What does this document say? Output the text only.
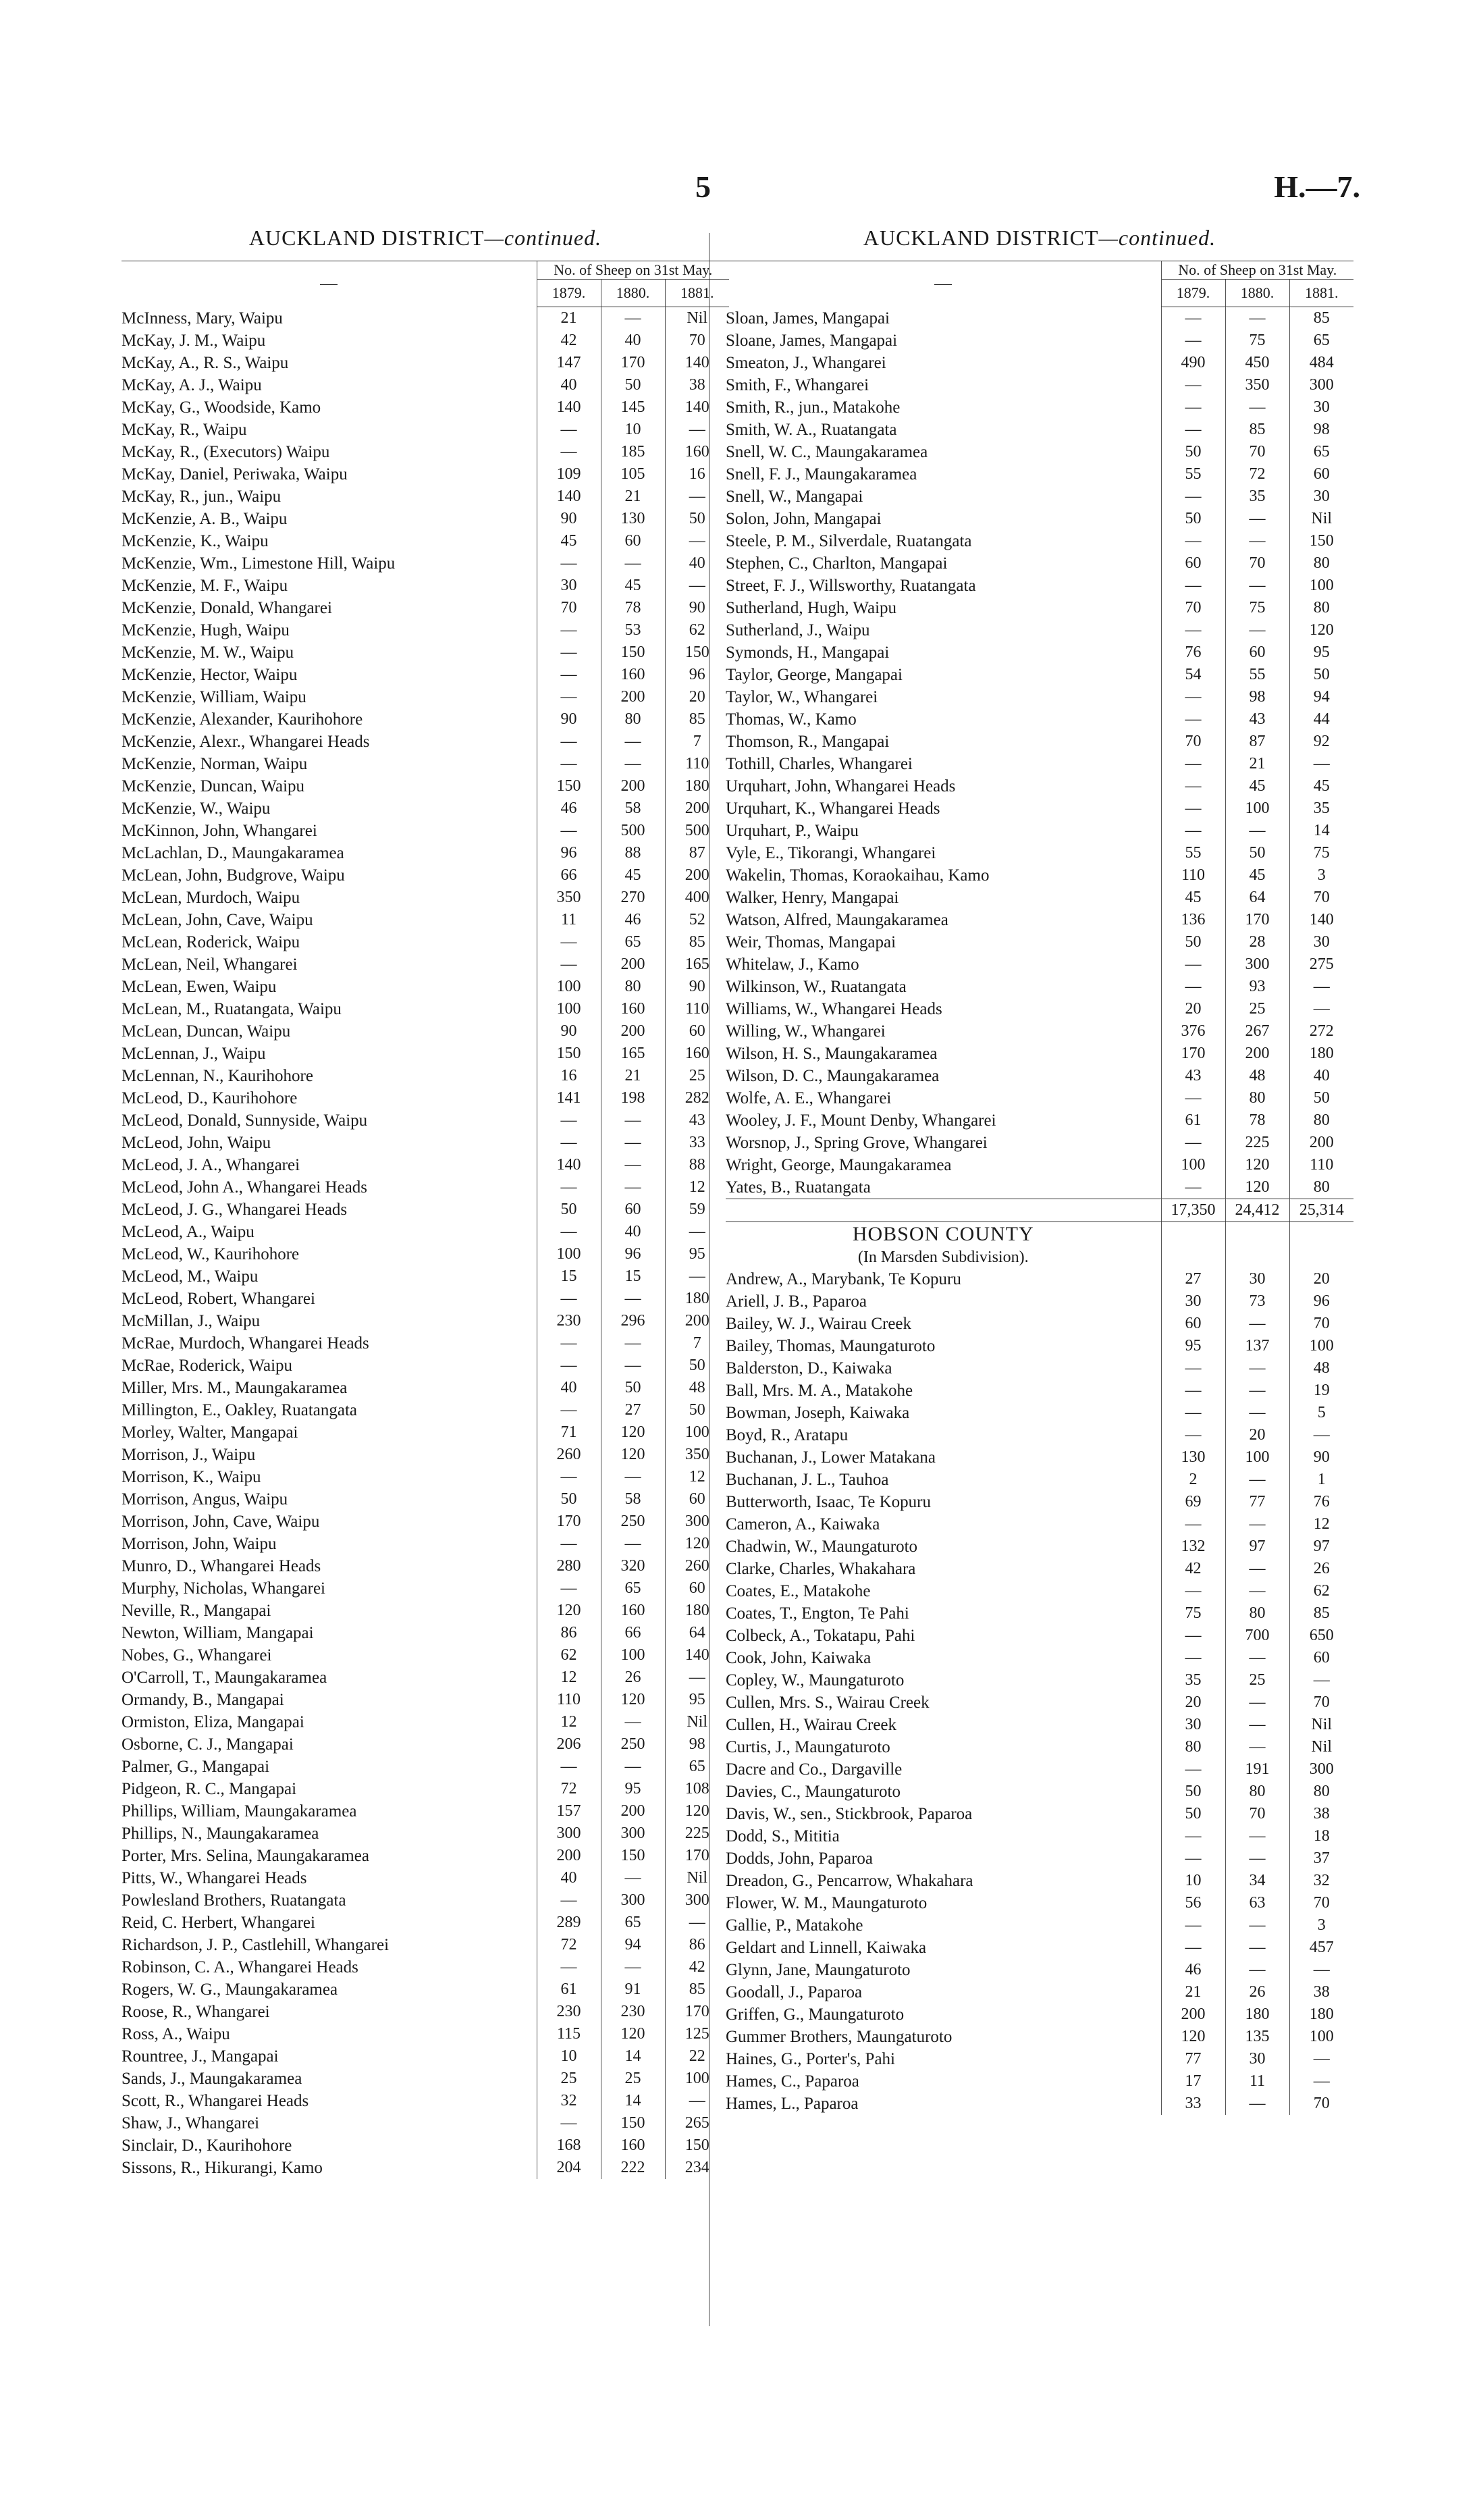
5	H.—7.
AUCKLAND DISTRICT—continued.
	No. of Sheep on 31st May.		
	1879.	1880.	1881.
McInness, Mary, Waipu	21	—	Nil
McKay, J. M., Waipu	42	40	70
McKay, A., R. S., Waipu	147	170	140
McKay, A. J., Waipu	40	50	38
McKay, G., Woodside, Kamo	140	145	140
McKay, R., Waipu	—	10	—
McKay, R., (Executors) Waipu	—	185	160
McKay, Daniel, Periwaka, Waipu	109	105	16
McKay, R., jun., Waipu	140	21	—
McKenzie, A. B., Waipu	90	130	50
McKenzie, K., Waipu	45	60	—
McKenzie, Wm., Limestone Hill, Waipu	—	—	40
McKenzie, M. F., Waipu	30	45	—
McKenzie, Donald, Whangarei	70	78	90
McKenzie, Hugh, Waipu	—	53	62
McKenzie, M. W., Waipu	—	150	150
McKenzie, Hector, Waipu	—	160	96
McKenzie, William, Waipu	—	200	20
McKenzie, Alexander, Kaurihohore	90	80	85
McKenzie, Alexr., Whangarei Heads	—	—	7
McKenzie, Norman, Waipu	—	—	110
McKenzie, Duncan, Waipu	150	200	180
McKenzie, W., Waipu	46	58	200
McKinnon, John, Whangarei	—	500	500
McLachlan, D., Maungakaramea	96	88	87
McLean, John, Budgrove, Waipu	66	45	200
McLean, Murdoch, Waipu	350	270	400
McLean, John, Cave, Waipu	11	46	52
McLean, Roderick, Waipu	—	65	85
McLean, Neil, Whangarei	—	200	165
McLean, Ewen, Waipu	100	80	90
McLean, M., Ruatangata, Waipu	100	160	110
McLean, Duncan, Waipu	90	200	60
McLennan, J., Waipu	150	165	160
McLennan, N., Kaurihohore	16	21	25
McLeod, D., Kaurihohore	141	198	282
McLeod, Donald, Sunnyside, Waipu	—	—	43
McLeod, John, Waipu	—	—	33
McLeod, J. A., Whangarei	140	—	88
McLeod, John A., Whangarei Heads	—	—	12
McLeod, J. G., Whangarei Heads	50	60	59
McLeod, A., Waipu	—	40	—
McLeod, W., Kaurihohore	100	96	95
McLeod, M., Waipu	15	15	—
McLeod, Robert, Whangarei	—	—	180
McMillan, J., Waipu	230	296	200
McRae, Murdoch, Whangarei Heads	—	—	7
McRae, Roderick, Waipu	—	—	50
Miller, Mrs. M., Maungakaramea	40	50	48
Millington, E., Oakley, Ruatangata	—	27	50
Morley, Walter, Mangapai	71	120	100
Morrison, J., Waipu	260	120	350
Morrison, K., Waipu	—	—	12
Morrison, Angus, Waipu	50	58	60
Morrison, John, Cave, Waipu	170	250	300
Morrison, John, Waipu	—	—	120
Munro, D., Whangarei Heads	280	320	260
Murphy, Nicholas, Whangarei	—	65	60
Neville, R., Mangapai	120	160	180
Newton, William, Mangapai	86	66	64
Nobes, G., Whangarei	62	100	140
O'Carroll, T., Maungakaramea	12	26	—
Ormandy, B., Mangapai	110	120	95
Ormiston, Eliza, Mangapai	12	—	Nil
Osborne, C. J., Mangapai	206	250	98
Palmer, G., Mangapai	—	—	65
Pidgeon, R. C., Mangapai	72	95	108
Phillips, William, Maungakaramea	157	200	120
Phillips, N., Maungakaramea	300	300	225
Porter, Mrs. Selina, Maungakaramea	200	150	170
Pitts, W., Whangarei Heads	40	—	Nil
Powlesland Brothers, Ruatangata	—	300	300
Reid, C. Herbert, Whangarei	289	65	—
Richardson, J. P., Castlehill, Whangarei	72	94	86
Robinson, C. A., Whangarei Heads	—	—	42
Rogers, W. G., Maungakaramea	61	91	85
Roose, R., Whangarei	230	230	170
Ross, A., Waipu	115	120	125
Rountree, J., Mangapai	10	14	22
Sands, J., Maungakaramea	25	25	100
Scott, R., Whangarei Heads	32	14	—
Shaw, J., Whangarei	—	150	265
Sinclair, D., Kaurihohore	168	160	150
Sissons, R., Hikurangi, Kamo	204	222	234
AUCKLAND DISTRICT—continued.
	No. of Sheep on 31st May.		
	1879.	1880.	1881.
Sloan, James, Mangapai	—	—	85
Sloane, James, Mangapai	—	75	65
Smeaton, J., Whangarei	490	450	484
Smith, F., Whangarei	—	350	300
Smith, R., jun., Matakohe	—	—	30
Smith, W. A., Ruatangata	—	85	98
Snell, W. C., Maungakaramea	50	70	65
Snell, F. J., Maungakaramea	55	72	60
Snell, W., Mangapai	—	35	30
Solon, John, Mangapai	50	—	Nil
Steele, P. M., Silverdale, Ruatangata	—	—	150
Stephen, C., Charlton, Mangapai	60	70	80
Street, F. J., Willsworthy, Ruatangata	—	—	100
Sutherland, Hugh, Waipu	70	75	80
Sutherland, J., Waipu	—	—	120
Symonds, H., Mangapai	76	60	95
Taylor, George, Mangapai	54	55	50
Taylor, W., Whangarei	—	98	94
Thomas, W., Kamo	—	43	44
Thomson, R., Mangapai	70	87	92
Tothill, Charles, Whangarei	—	21	—
Urquhart, John, Whangarei Heads	—	45	45
Urquhart, K., Whangarei Heads	—	100	35
Urquhart, P., Waipu	—	—	14
Vyle, E., Tikorangi, Whangarei	55	50	75
Wakelin, Thomas, Koraokaihau, Kamo	110	45	3
Walker, Henry, Mangapai	45	64	70
Watson, Alfred, Maungakaramea	136	170	140
Weir, Thomas, Mangapai	50	28	30
Whitelaw, J., Kamo	—	300	275
Wilkinson, W., Ruatangata	—	93	—
Williams, W., Whangarei Heads	20	25	—
Willing, W., Whangarei	376	267	272
Wilson, H. S., Maungakaramea	170	200	180
Wilson, D. C., Maungakaramea	43	48	40
Wolfe, A. E., Whangarei	—	80	50
Wooley, J. F., Mount Denby, Whangarei	61	78	80
Worsnop, J., Spring Grove, Whangarei	—	225	200
Wright, George, Maungakaramea	100	120	110
Yates, B., Ruatangata	—	120	80
	17,350	24,412	25,314
HOBSON COUNTY			
(In Marsden Subdivision).			
Andrew, A., Marybank, Te Kopuru	27	30	20
Ariell, J. B., Paparoa	30	73	96
Bailey, W. J., Wairau Creek	60	—	70
Bailey, Thomas, Maungaturoto	95	137	100
Balderston, D., Kaiwaka	—	—	48
Ball, Mrs. M. A., Matakohe	—	—	19
Bowman, Joseph, Kaiwaka	—	—	5
Boyd, R., Aratapu	—	20	—
Buchanan, J., Lower Matakana	130	100	90
Buchanan, J. L., Tauhoa	2	—	1
Butterworth, Isaac, Te Kopuru	69	77	76
Cameron, A., Kaiwaka	—	—	12
Chadwin, W., Maungaturoto	132	97	97
Clarke, Charles, Whakahara	42	—	26
Coates, E., Matakohe	—	—	62
Coates, T., Engton, Te Pahi	75	80	85
Colbeck, A., Tokatapu, Pahi	—	700	650
Cook, John, Kaiwaka	—	—	60
Copley, W., Maungaturoto	35	25	—
Cullen, Mrs. S., Wairau Creek	20	—	70
Cullen, H., Wairau Creek	30	—	Nil
Curtis, J., Maungaturoto	80	—	Nil
Dacre and Co., Dargaville	—	191	300
Davies, C., Maungaturoto	50	80	80
Davis, W., sen., Stickbrook, Paparoa	50	70	38
Dodd, S., Mititia	—	—	18
Dodds, John, Paparoa	—	—	37
Dreadon, G., Pencarrow, Whakahara	10	34	32
Flower, W. M., Maungaturoto	56	63	70
Gallie, P., Matakohe	—	—	3
Geldart and Linnell, Kaiwaka	—	—	457
Glynn, Jane, Maungaturoto	46	—	—
Goodall, J., Paparoa	21	26	38
Griffen, G., Maungaturoto	200	180	180
Gummer Brothers, Maungaturoto	120	135	100
Haines, G., Porter's, Pahi	77	30	—
Hames, C., Paparoa	17	11	—
Hames, L., Paparoa	33	—	70
